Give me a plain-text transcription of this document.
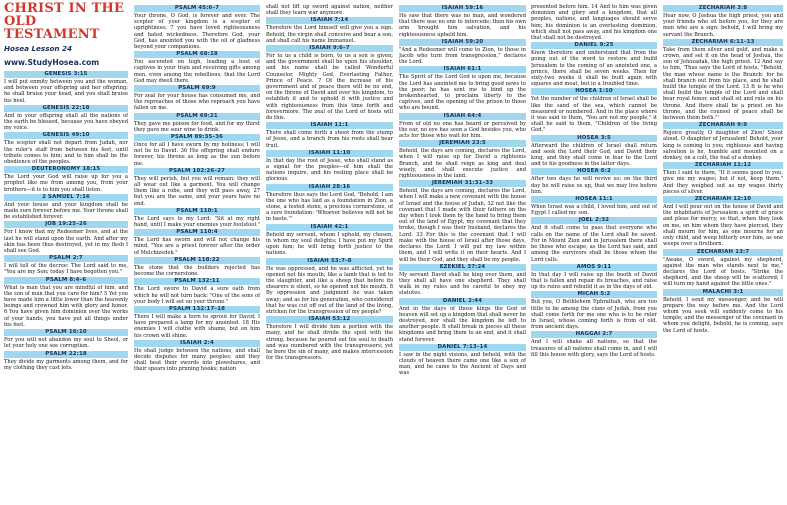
CHRIST IN THE
OLD TESTAMENT
Hosea Lesson 24
www.StudyHosea.com
GENESIS 3:15
I will put enmity between you and the woman, and between your offspring and her offspring; he shall bruise your head, and you shall bruise his heel.
GENESIS 22:18
And in your offspring shall all the nations of the earth be blessed, because you have obeyed my voice.
GENESIS 49:10
The scepter shall not depart from Judah, nor the ruler's staff from between his feet, until tribute comes to him; and to him shall be the obedience of the peoples.
DEUTERONOMY 18:15
The Lord your God will raise up for you a prophet like me from among you, from your brothers—it is to him you shall listen.
2 SAMUEL 7:16
And your house and your kingdom shall be made sure forever before me. Your throne shall be established forever.
JOB 19:25–26
For I know that my Redeemer lives, and at the last he will stand upon the earth. And after my skin has been thus destroyed, yet in my flesh I shall see God.
PSALM 2:7
I will tell of the decree: The Lord said to me, "You are my Son; today I have begotten you."
PSALM 8:4–6
What is man that you are mindful of him, and the son of man that you care for him? 5 Yet you have made him a little lower than the heavenly beings and crowned him with glory and honor. 6 You have given him dominion over the works of your hands; you have put all things under his feet.
PSALM 16:10
For you will not abandon my soul to Sheol, or let your holy one see corruption.
PSALM 22:18
They divide my garments among them, and for my clothing they cast lots.
PSALM 45:6–7
Your throne, O God, is forever and ever. The scepter of your kingdom is a scepter of uprightness; 7 you have loved righteousness and hated wickedness. Therefore God, your God, has anointed you with the oil of gladness beyond your companions.
PSALM 68:18
You ascended on high, leading a host of captives in your train and receiving gifts among men, even among the rebellious, that the Lord God may dwell there.
PSALM 69:9
For zeal for your house has consumed me, and the reproaches of those who reproach you have fallen on me.
PSALM 69:21
They gave me poison for food, and for my thirst they gave me sour wine to drink.
PSALM 89:35–36
Once for all I have sworn by my holiness; I will not lie to David. 36 His offspring shall endure forever, his throne as long as the sun before me.
PSALM 102:26–27
They will perish, but you will remain; they will all wear out like a garment. You will change them like a robe, and they will pass away, 27 but you are the same, and your years have no end.
PSALM 110:1
The Lord says to my Lord: "Sit at my right hand, until I make your enemies your footstool."
PSALM 110:4
The Lord has sworn and will not change his mind, "You are a priest forever after the order of Melchizedek."
PSALM 118:22
The stone that the builders rejected has become the cornerstone.
PSALM 132:11
The Lord swore to David a sure oath from which he will not turn back: "One of the sons of your body I will set on your throne."
PSALM 132:17–18
There I will make a horn to sprout for David; I have prepared a lamp for my anointed. 18 His enemies I will clothe with shame, but on him his crown will shine.
ISAIAH 2:4
He shall judge between the nations, and shall decide disputes for many peoples; and they shall beat their swords into plowshares, and their spears into pruning hooks; nation
shall not lift up sword against nation, neither shall they learn war anymore.
ISAIAH 7:14
Therefore the Lord himself will give you a sign. Behold, the virgin shall conceive and bear a son, and shall call his name Immanuel.
ISAIAH 9:6–7
For to us a child is born, to us a son is given; and the government shall be upon his shoulder, and his name shall be called Wonderful Counselor, Mighty God, Everlasting Father, Prince of Peace. 7 Of the increase of his government and of peace there will be no end, on the throne of David and over his kingdom, to establish it and to uphold it with justice and with righteousness from this time forth and forevermore. The zeal of the Lord of hosts will do this.
ISAIAH 11:1
There shall come forth a shoot from the stump of Jesse, and a branch from his roots shall bear fruit.
ISAIAH 11:10
In that day the root of Jesse, who shall stand as a signal for the peoples—of him shall the nations inquire, and his resting place shall be glorious.
ISAIAH 28:16
Therefore thus says the Lord God, "Behold, I am the one who has laid as a foundation in Zion, a stone, a tested stone, a precious cornerstone, of a sure foundation: 'Whoever believes will not be in haste.'"
ISAIAH 42:1
Behold my servant, whom I uphold, my chosen, in whom my soul delights; I have put my Spirit upon him; he will bring forth justice to the nations.
ISAIAH 53:7–8
He was oppressed, and he was afflicted, yet he opened not his mouth; like a lamb that is led to the slaughter, and like a sheep that before its shearers is silent, so he opened not his mouth. 8 By oppression and judgment he was taken away; and as for his generation, who considered that he was cut off out of the land of the living, stricken for the transgression of my people?
ISAIAH 53:12
Therefore I will divide him a portion with the many, and he shall divide the spoil with the strong, because he poured out his soul to death and was numbered with the transgressors; yet he bore the sin of many, and makes intercession for the transgressors.
ISAIAH 59:16
He saw that there was no man, and wondered that there was no one to intercede; then his own arm brought him salvation, and his righteousness upheld him.
ISAIAH 59:20
"And a Redeemer will come to Zion, to those in Jacob who turn from transgression," declares the Lord.
ISAIAH 61:1
The Spirit of the Lord God is upon me, because the Lord has anointed me to bring good news to the poor; he has sent me to bind up the brokenhearted, to proclaim liberty to the captives, and the opening of the prison to those who are bound.
ISAIAH 64:4
From of old no one has heard or perceived by the ear, no eye has seen a God besides you, who acts for those who wait for him.
JEREMIAH 23:5
Behold, the days are coming, declares the Lord, when I will raise up for David a righteous Branch, and he shall reign as king and deal wisely, and shall execute justice and righteousness in the land.
JEREMIAH 31:31–33
Behold, the days are coming, declares the Lord, when I will make a new covenant with the house of Israel and the house of Judah, 32 not like the covenant that I made with their fathers on the day when I took them by the hand to bring them out of the land of Egypt, my covenant that they broke, though I was their husband, declares the Lord. 33 For this is the covenant that I will make with the house of Israel after those days, declares the Lord: I will put my law within them, and I will write it on their hearts. And I will be their God, and they shall be my people.
EZEKIEL 37:24
My servant David shall be king over them, and they shall all have one shepherd. They shall walk in my rules and be careful to obey my statutes.
DANIEL 2:44
And in the days of those kings the God of heaven will set up a kingdom that shall never be destroyed, nor shall the kingdom be left to another people. It shall break in pieces all these kingdoms and bring them to an end, and it shall stand forever.
DANIEL 7:13–14
I saw in the night visions, and behold, with the clouds of heaven there came one like a son of man, and he came to the Ancient of Days and was
presented before him. 14 And to him was given dominion and glory and a kingdom, that all peoples, nations, and languages should serve him; his dominion is an everlasting dominion, which shall not pass away, and his kingdom one that shall not be destroyed.
DANIEL 9:25
Know therefore and understand that from the going out of the word to restore and build Jerusalem to the coming of an anointed one, a prince, there shall be seven weeks. Then for sixty-two weeks it shall be built again with squares and moat, but in a troubled time.
HOSEA 1:10
Yet the number of the children of Israel shall be like the sand of the sea, which cannot be measured or numbered. And in the place where it was said to them, "You are not my people," it shall be said to them, "Children of the living God."
HOSEA 3:5
Afterward the children of Israel shall return and seek the Lord their God, and David their king, and they shall come in fear to the Lord and to his goodness in the latter days.
HOSEA 6:2
After two days he will revive us; on the third day he will raise us up, that we may live before him.
HOSEA 11:1
When Israel was a child, I loved him, and out of Egypt I called my son.
JOEL 2:32
And it shall come to pass that everyone who calls on the name of the Lord shall be saved. For in Mount Zion and in Jerusalem there shall be those who escape, as the Lord has said, and among the survivors shall be those whom the Lord calls.
AMOS 9:11
In that day I will raise up the booth of David that is fallen and repair its breaches, and raise up its ruins and rebuild it as in the days of old.
MICAH 5:2
But you, O Bethlehem Ephrathah, who are too little to be among the clans of Judah, from you shall come forth for me one who is to be ruler in Israel, whose coming forth is from of old, from ancient days.
HAGGAI 2:7
And I will shake all nations, so that the treasures of all nations shall come in, and I will fill this house with glory, says the Lord of hosts.
ZECHARIAH 3:8
Hear now, O Joshua the high priest, you and your friends who sit before you, for they are men who are a sign: behold, I will bring my servant the Branch.
ZECHARIAH 6:11–13
Take from them silver and gold, and make a crown, and set it on the head of Joshua, the son of Jehozadak, the high priest. 12 And say to him, 'Thus says the Lord of hosts, "Behold, the man whose name is the Branch: for he shall branch out from his place, and he shall build the temple of the Lord. 13 It is he who shall build the temple of the Lord and shall bear royal honor, and shall sit and rule on his throne. And there shall be a priest on his throne, and the counsel of peace shall be between them both."'
ZECHARIAH 9:9
Rejoice greatly, O daughter of Zion! Shout aloud, O daughter of Jerusalem! Behold, your king is coming to you; righteous and having salvation is he, humble and mounted on a donkey, on a colt, the foal of a donkey.
ZECHARIAH 11:12
Then I said to them, "If it seems good to you, give me my wages; but if not, keep them." And they weighed out as my wages thirty pieces of silver.
ZECHARIAH 12:10
And I will pour out on the house of David and the inhabitants of Jerusalem a spirit of grace and pleas for mercy, so that, when they look on me, on him whom they have pierced, they shall mourn for him, as one mourns for an only child, and weep bitterly over him, as one weeps over a firstborn.
ZECHARIAH 13:7
"Awake, O sword, against my shepherd, against the man who stands next to me," declares the Lord of hosts. "Strike the shepherd, and the sheep will be scattered; I will turn my hand against the little ones."
MALACHI 3:1
Behold, I send my messenger, and he will prepare the way before me. And the Lord whom you seek will suddenly come to his temple; and the messenger of the covenant in whom you delight, behold, he is coming, says the Lord of hosts.
